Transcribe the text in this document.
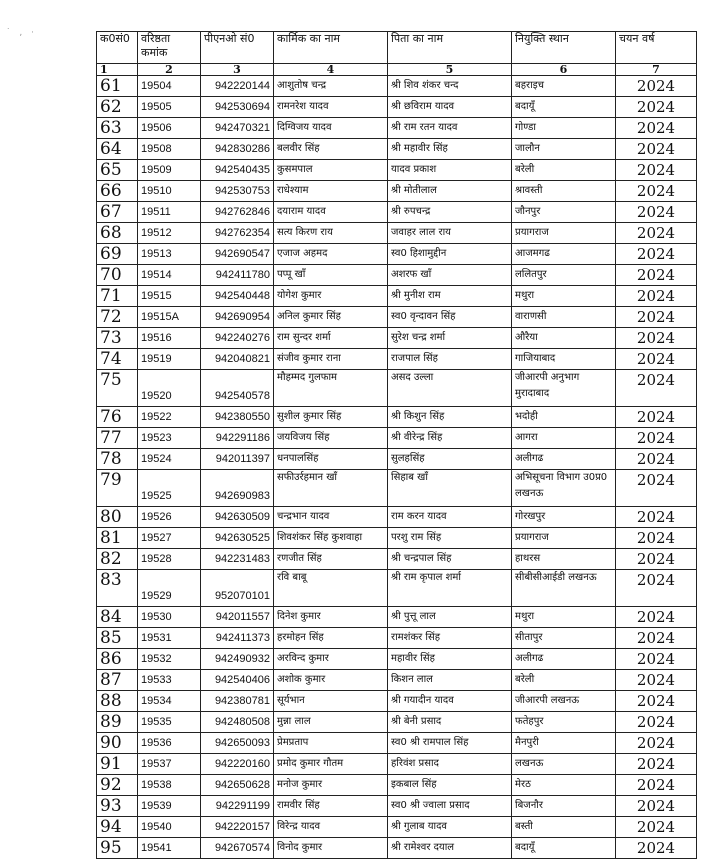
˙ , ·	क0सं0	वरिष्ठता कमांक	पीएनओ सं0	कार्मिक का नाम	पिता का नाम	नियुक्ति स्थान	चयन वर्ष
1	2	3	4	5	6	7
61	19504	942220144	आशुतोष चन्द्र	श्री शिव शंकर चन्द	बहराइच	2024
62	19505	942530694	रामनरेश यादव	श्री छविराम यादव	बदायूँ	2024
63	19506	942470321	दिग्विजय यादव	श्री राम रतन यादव	गोण्डा	2024
64	19508	942830286	बलवीर सिंह	श्री महावीर सिंह	जालौन	2024
65	19509	942540435	कुसमपाल	यादव प्रकाश	बरेली	2024
66	19510	942530753	राधेश्याम	श्री मोतीलाल	श्रावस्ती	2024
67	19511	942762846	दयाराम यादव	श्री रुपचन्द्र	जौनपुर	2024
68	19512	942762354	सत्य किरण राय	जवाहर लाल राय	प्रयागराज	2024
69	19513	942690547	एजाज अहमद	स्व0 हिशामुद्दीन	आजमगढ	2024
70	19514	942411780	पप्पू खाँ	अशरफ खाँ	ललितपुर	2024
71	19515	942540448	योगेश कुमार	श्री मुनीश राम	मथुरा	2024
72	19515A	942690954	अनिल कुमार सिंह	स्व0 वृन्दावन सिंह	वाराणसी	2024
73	19516	942240276	राम सुन्दर शर्मा	सुरेश चन्द्र शर्मा	औरैया	2024
74	19519	942040821	संजीव कुमार राना	राजपाल सिंह	गाजियाबाद	2024
75	19520	942540578	मौहम्मद गुलफाम	असद उल्ला	जीआरपी अनुभाग मुरादाबाद	2024
76	19522	942380550	सुशील कुमार सिंह	श्री किशुन सिंह	भदोही	2024
77	19523	942291186	जयविजय सिंह	श्री वीरेन्द्र सिंह	आगरा	2024
78	19524	942011397	धनपालसिंह	सुलहसिंह	अलीगढ	2024
79	19525	942690983	सफीउर्रहमान खाँ	सिहाब खाँ	अभिसूचना विभाग उ0प्र0 लखनऊ	2024
80	19526	942630509	चन्द्रभान यादव	राम करन यादव	गोरखपुर	2024
81	19527	942630525	शिवशंकर सिंह कुशवाहा	परशु राम सिंह	प्रयागराज	2024
82	19528	942231483	रणजीत सिंह	श्री चन्द्रपाल सिंह	हाथरस	2024
83	19529	952070101	रवि बाबू	श्री राम कृपाल शर्मा	सीबीसीआईडी लखनऊ	2024
84	19530	942011557	दिनेश कुमार	श्री पुत्तू लाल	मथुरा	2024
85	19531	942411373	हरमोहन सिंह	रामशंकर सिंह	सीतापुर	2024
86	19532	942490932	अरविन्द कुमार	महावीर सिंह	अलीगढ	2024
87	19533	942540406	अशोक कुमार	किशन लाल	बरेली	2024
88	19534	942380781	सूर्यभान	श्री गयादीन यादव	जीआरपी लखनऊ	2024
89	19535	942480508	मुन्ना लाल	श्री बेनी प्रसाद	फतेहपुर	2024
90	19536	942650093	प्रेमप्रताप	स्व0 श्री रामपाल सिंह	मैनपुरी	2024
91	19537	942220160	प्रमोद कुमार गौतम	हरिवंश प्रसाद	लखनऊ	2024
92	19538	942650628	मनोज कुमार	इकबाल सिंह	मेरठ	2024
93	19539	942291199	रामवीर सिंह	स्व0 श्री ज्वाला प्रसाद	बिजनौर	2024
94	19540	942220157	विरेन्द्र यादव	श्री गुलाब यादव	बस्ती	2024
95	19541	942670574	विनोद कुमार	श्री रामेश्वर दयाल	बदायूँ	2024
